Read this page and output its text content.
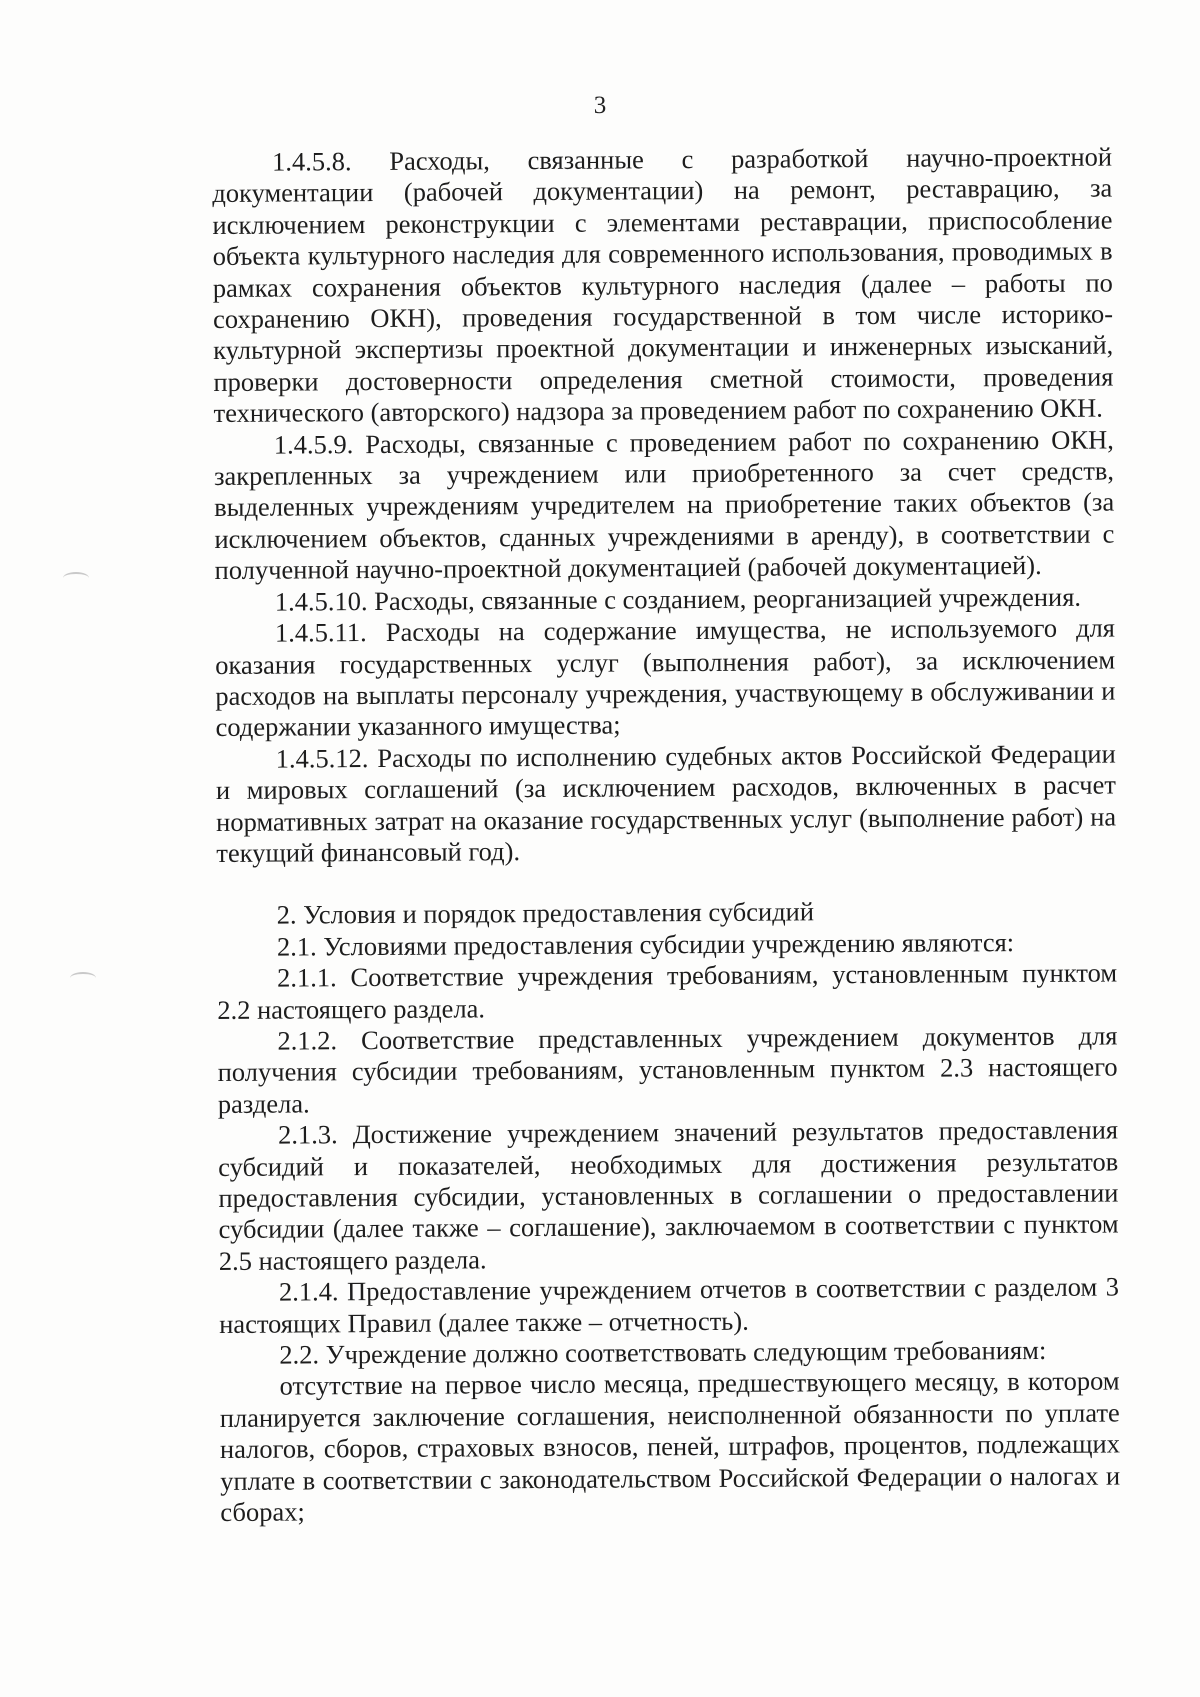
3

1.4.5.8. Расходы, связанные с разработкой научно-проектной документации (рабочей документации) на ремонт, реставрацию, за исключением реконструкции с элементами реставрации, приспособление объекта культурного наследия для современного использования, проводимых в рамках сохранения объектов культурного наследия (далее – работы по сохранению ОКН), проведения государственной в том числе историко-культурной экспертизы проектной документации и инженерных изысканий, проверки достоверности определения сметной стоимости, проведения технического (авторского) надзора за проведением работ по сохранению ОКН.

1.4.5.9. Расходы, связанные с проведением работ по сохранению ОКН, закрепленных за учреждением или приобретенного за счет средств, выделенных учреждениям учредителем на приобретение таких объектов (за исключением объектов, сданных учреждениями в аренду), в соответствии с полученной научно-проектной документацией (рабочей документацией).

1.4.5.10. Расходы, связанные с созданием, реорганизацией учреждения.

1.4.5.11. Расходы на содержание имущества, не используемого для оказания государственных услуг (выполнения работ), за исключением расходов на выплаты персоналу учреждения, участвующему в обслуживании и содержании указанного имущества;

1.4.5.12. Расходы по исполнению судебных актов Российской Федерации и мировых соглашений (за исключением расходов, включенных в расчет нормативных затрат на оказание государственных услуг (выполнение работ) на текущий финансовый год).

2. Условия и порядок предоставления субсидий

2.1. Условиями предоставления субсидии учреждению являются:

2.1.1. Соответствие учреждения требованиям, установленным пунктом 2.2 настоящего раздела.

2.1.2. Соответствие представленных учреждением документов для получения субсидии требованиям, установленным пунктом 2.3 настоящего раздела.

2.1.3. Достижение учреждением значений результатов предоставления субсидий и показателей, необходимых для достижения результатов предоставления субсидии, установленных в соглашении о предоставлении субсидии (далее также – соглашение), заключаемом в соответствии с пунктом 2.5 настоящего раздела.

2.1.4. Предоставление учреждением отчетов в соответствии с разделом 3 настоящих Правил (далее также – отчетность).

2.2. Учреждение должно соответствовать следующим требованиям:

отсутствие на первое число месяца, предшествующего месяцу, в котором планируется заключение соглашения, неисполненной обязанности по уплате налогов, сборов, страховых взносов, пеней, штрафов, процентов, подлежащих уплате в соответствии с законодательством Российской Федерации о налогах и сборах;
